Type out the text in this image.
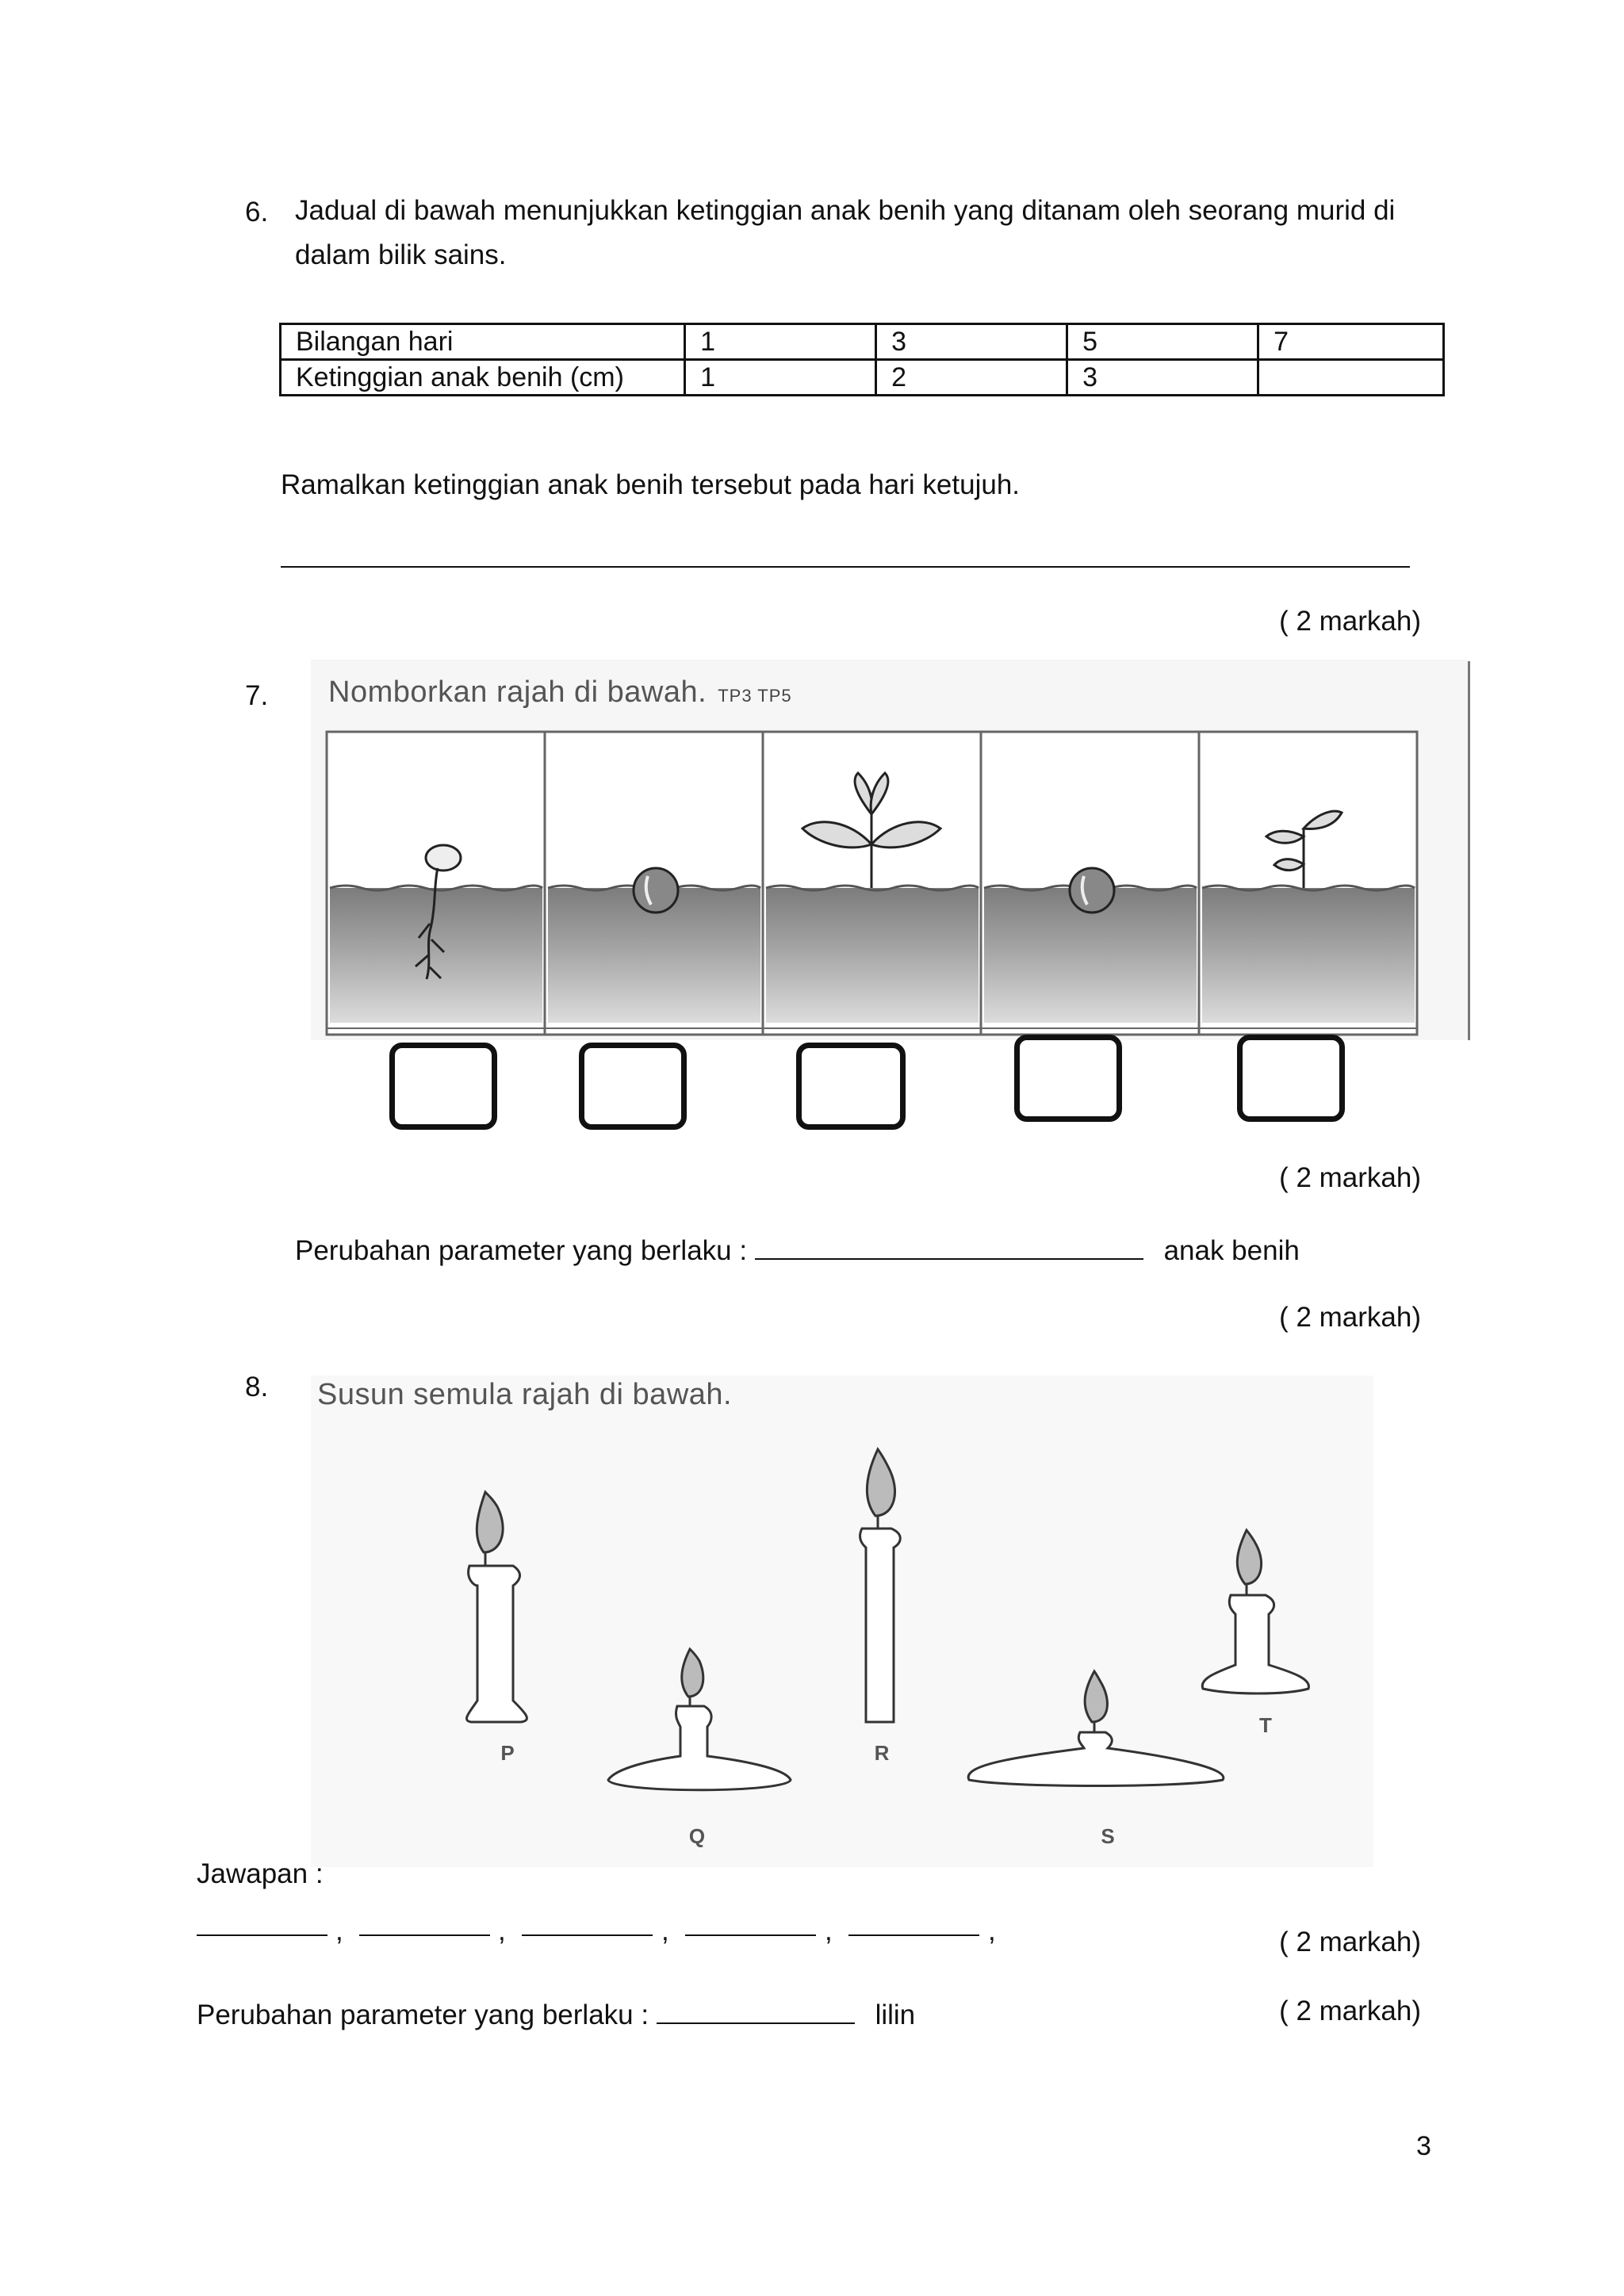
6. Jadual di bawah menunjukkan ketinggian anak benih yang ditanam oleh seorang murid di
dalam bilik sains.
Bilangan hari	1	3	5	7
Ketinggian anak benih (cm)	1	2	3	
Ramalkan ketinggian anak benih tersebut pada hari ketujuh.
( 2 markah)
7. Nomborkan rajah di bawah. TP3 TP5
( 2 markah)
Perubahan parameter yang berlaku :	anak benih
( 2 markah)
8. Susun semula rajah di bawah.
P
Q
R
S
T
Jawapan :
,	,	,	,	,	( 2 markah)
Perubahan parameter yang berlaku :	lilin	( 2 markah)
3
